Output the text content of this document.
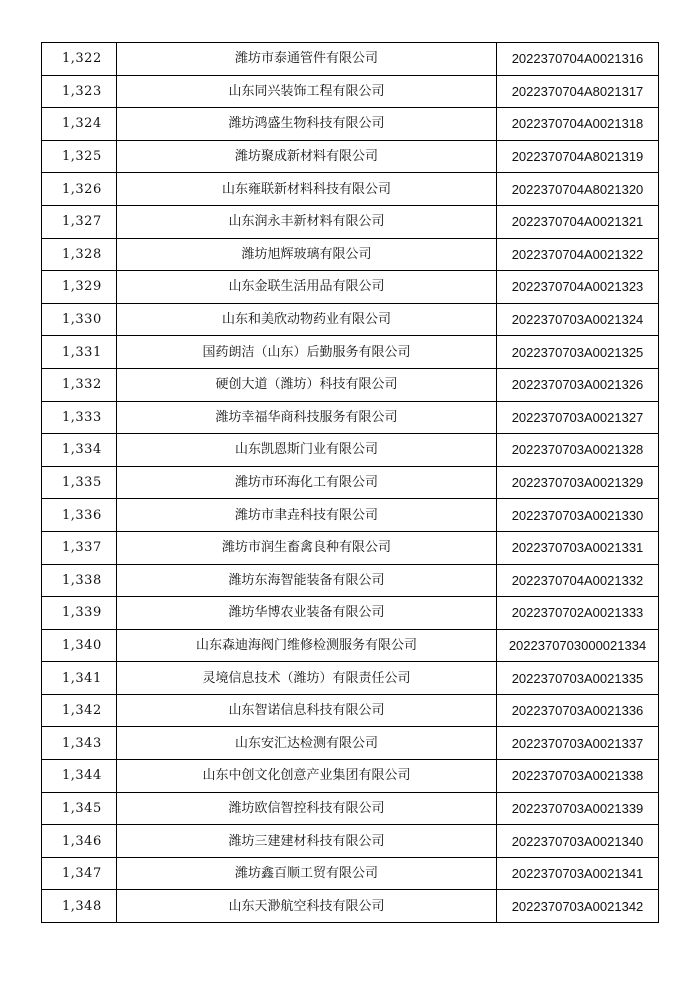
1,322	潍坊市泰通管件有限公司	2022370704A0021316
1,323	山东同兴装饰工程有限公司	2022370704A8021317
1,324	潍坊鸿盛生物科技有限公司	2022370704A0021318
1,325	潍坊聚成新材料有限公司	2022370704A8021319
1,326	山东雍联新材料科技有限公司	2022370704A8021320
1,327	山东润永丰新材料有限公司	2022370704A0021321
1,328	潍坊旭辉玻璃有限公司	2022370704A0021322
1,329	山东金联生活用品有限公司	2022370704A0021323
1,330	山东和美欣动物药业有限公司	2022370703A0021324
1,331	国药朗洁（山东）后勤服务有限公司	2022370703A0021325
1,332	硬创大道（潍坊）科技有限公司	2022370703A0021326
1,333	潍坊幸福华商科技服务有限公司	2022370703A0021327
1,334	山东凯恩斯门业有限公司	2022370703A0021328
1,335	潍坊市环海化工有限公司	2022370703A0021329
1,336	潍坊市聿垚科技有限公司	2022370703A0021330
1,337	潍坊市润生畜禽良种有限公司	2022370703A0021331
1,338	潍坊东海智能装备有限公司	2022370704A0021332
1,339	潍坊华博农业装备有限公司	2022370702A0021333
1,340	山东森迪海阀门维修检测服务有限公司	2022370703000021334
1,341	灵境信息技术（潍坊）有限责任公司	2022370703A0021335
1,342	山东智诺信息科技有限公司	2022370703A0021336
1,343	山东安汇达检测有限公司	2022370703A0021337
1,344	山东中创文化创意产业集团有限公司	2022370703A0021338
1,345	潍坊欧信智控科技有限公司	2022370703A0021339
1,346	潍坊三建建材科技有限公司	2022370703A0021340
1,347	潍坊鑫百顺工贸有限公司	2022370703A0021341
1,348	山东天渺航空科技有限公司	2022370703A0021342
